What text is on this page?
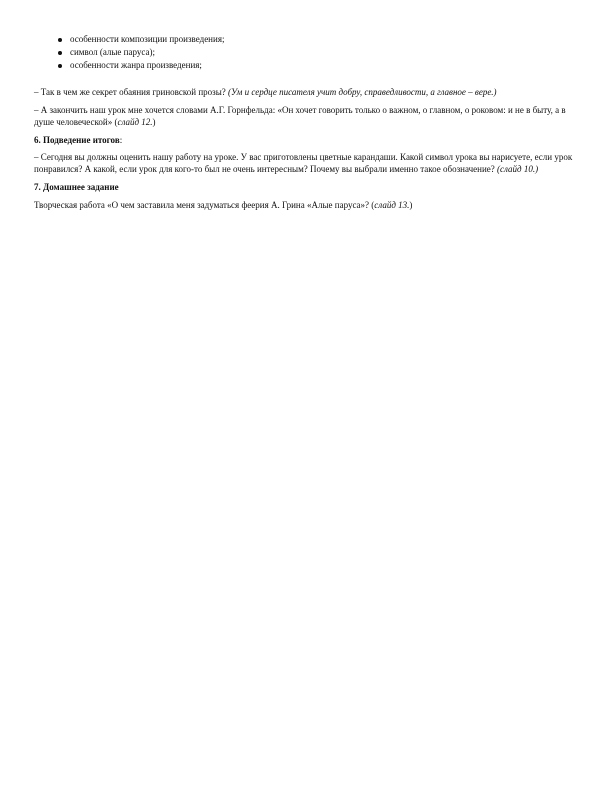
особенности композиции произведения;
символ (алые паруса);
особенности жанра произведения;

– Так в чем же секрет обаяния гриновской прозы? (Ум и сердце писателя учит добру, справедливости, а главное – вере.)

– А закончить наш урок мне хочется словами А.Г. Горнфельда: «Он хочет говорить только о важном, о главном, о роковом: и не в быту, а в душе человеческой» (слайд 12.)

6. Подведение итогов:

– Сегодня вы должны оценить нашу работу на уроке. У вас приготовлены цветные карандаши. Какой символ урока вы нарисуете, если урок понравился? А какой, если урок для кого-то был не очень интересным? Почему вы выбрали именно такое обозначение? (слайд 10.)

7. Домашнее задание

Творческая работа «О чем заставила меня задуматься феерия А. Грина «Алые паруса»? (слайд 13.)
